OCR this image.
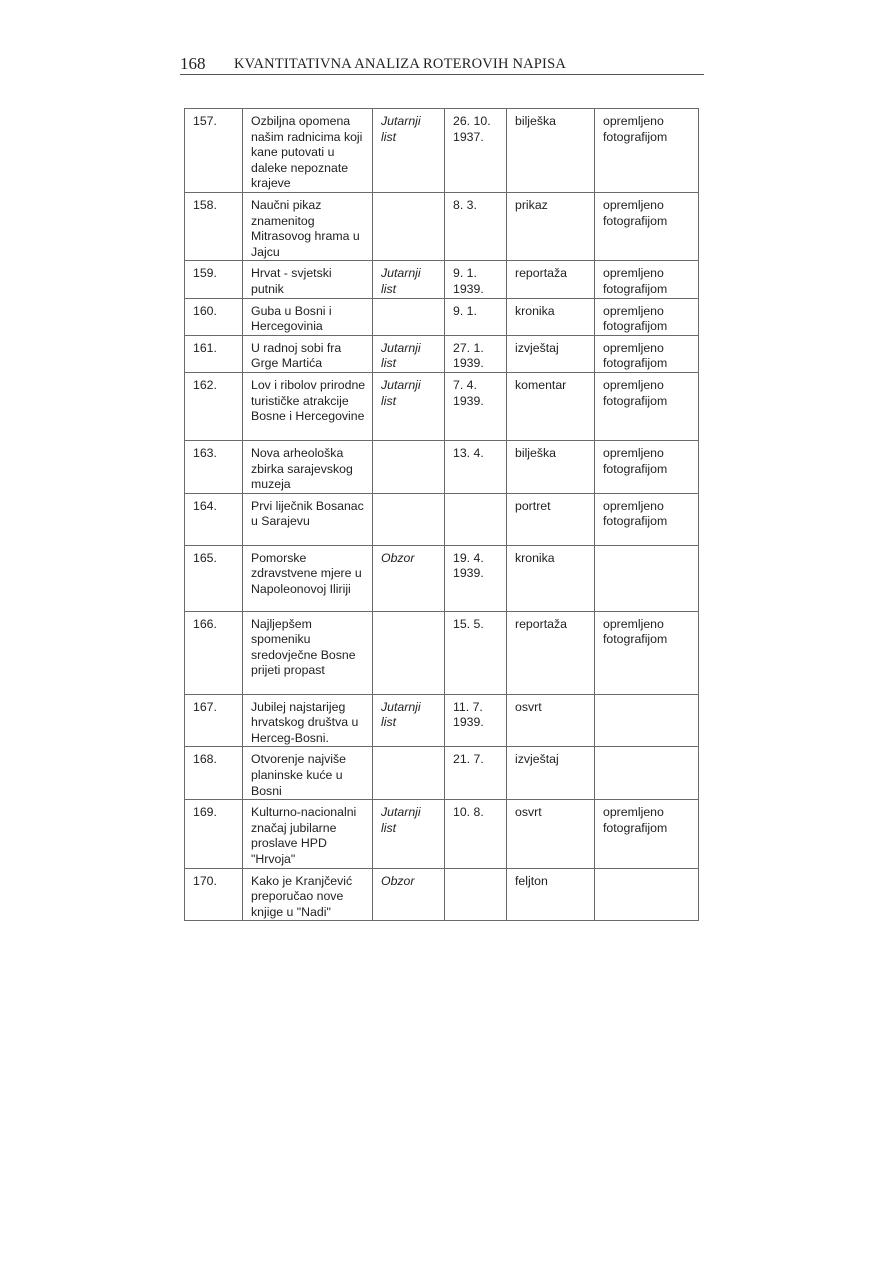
168 KVANTITATIVNA ANALIZA ROTEROVIH NAPISA
157.	Ozbiljna opomena našim radnicima koji kane putovati u daleke nepoznate krajeve	Jutarnji list	26. 10. 1937.	bilješka	opremljeno fotografijom
158.	Naučni pikaz znamenitog Mitrasovog hrama u Jajcu		8. 3.	prikaz	opremljeno fotografijom
159.	Hrvat - svjetski putnik	Jutarnji list	9. 1. 1939.	reportaža	opremljeno fotografijom
160.	Guba u Bosni i Hercegovinia		9. 1.	kronika	opremljeno fotografijom
161.	U radnoj sobi fra Grge Martića	Jutarnji list	27. 1. 1939.	izvještaj	opremljeno fotografijom
162.	Lov i ribolov prirodne turističke atrakcije Bosne i Hercegovine	Jutarnji list	7. 4. 1939.	komentar	opremljeno fotografijom
163.	Nova arheološka zbirka sarajevskog muzeja		13. 4.	bilješka	opremljeno fotografijom
164.	Prvi liječnik Bosanac u Sarajevu			portret	opremljeno fotografijom
165.	Pomorske zdravstvene mjere u Napoleonovoj Iliriji	Obzor	19. 4. 1939.	kronika	
166.	Najljepšem spomeniku sredovječne Bosne prijeti propast		15. 5.	reportaža	opremljeno fotografijom
167.	Jubilej najstarijeg hrvatskog društva u Herceg-Bosni.	Jutarnji list	11. 7. 1939.	osvrt	
168.	Otvorenje najviše planinske kuće u Bosni		21. 7.	izvještaj	
169.	Kulturno-nacionalni značaj jubilarne proslave HPD "Hrvoja"	Jutarnji list	10. 8.	osvrt	opremljeno fotografijom
170.	Kako je Kranjčević preporučao nove knjige u "Nadi"	Obzor		feljton	
